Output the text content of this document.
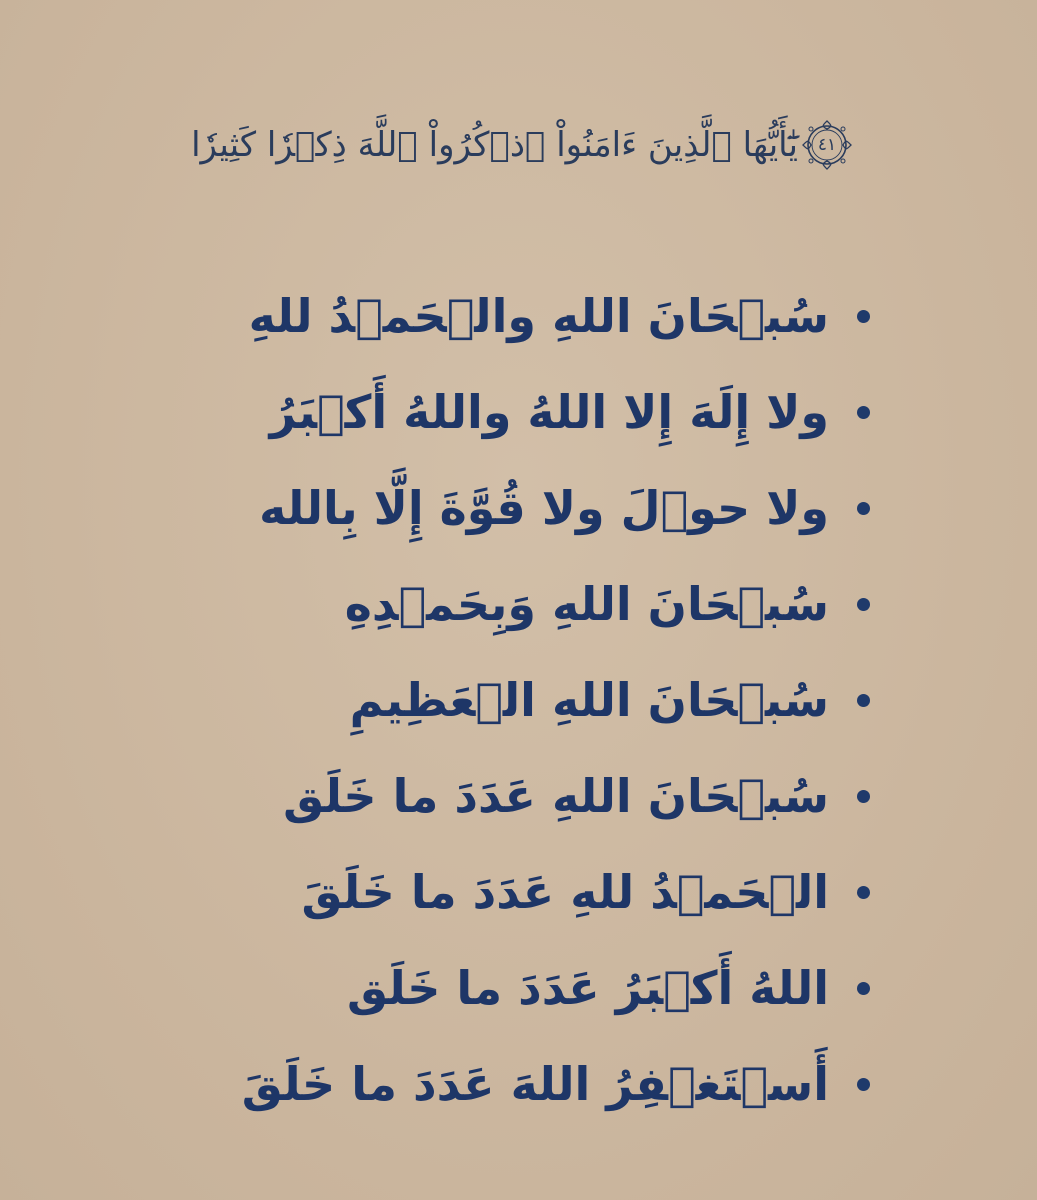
٤١
يَٰٓأَيُّهَا ٱلَّذِينَ ءَامَنُواْ ٱذۡكُرُواْ ٱللَّهَ ذِكۡرٗا كَثِيرٗا
سُبۡحَانَ اللهِ والۡحَمۡدُ للهِ
ولا إِلَهَ إِلا اللهُ واللهُ أَكۡبَرُ
ولا حوۡلَ ولا قُوَّةَ إِلَّا بِالله
سُبۡحَانَ اللهِ وَبِحَمۡدِهِ
سُبۡحَانَ اللهِ الۡعَظِيمِ
سُبۡحَانَ اللهِ عَدَدَ ما خَلَق
الۡحَمۡدُ للهِ عَدَدَ ما خَلَقَ
اللهُ أَكۡبَرُ عَدَدَ ما خَلَق
أَسۡتَغۡفِرُ اللهَ عَدَدَ ما خَلَقَ
